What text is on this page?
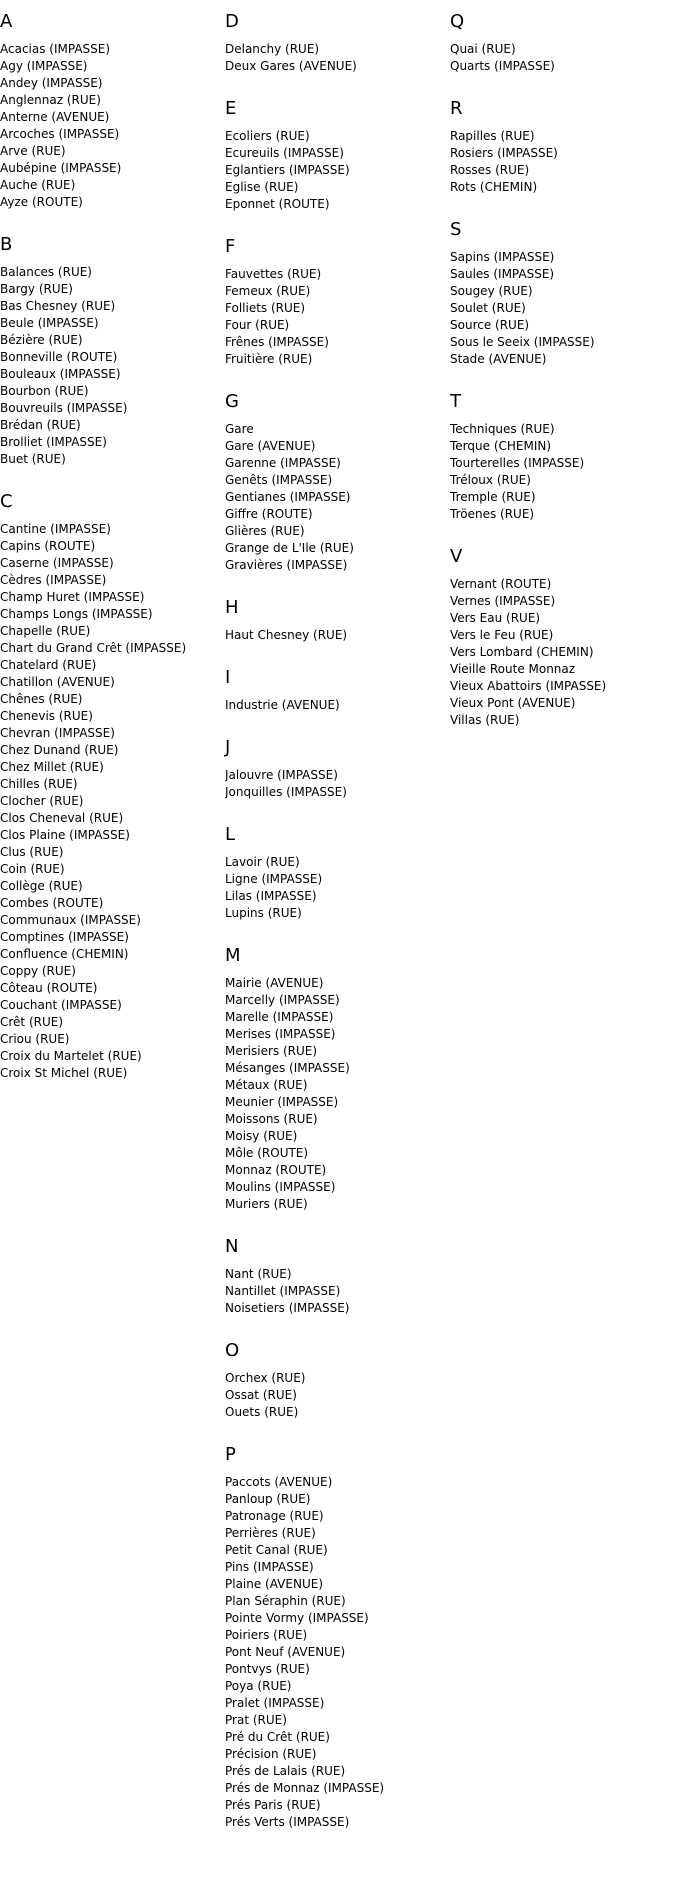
A
Acacias (IMPASSE)
Agy (IMPASSE)
Andey (IMPASSE)
Anglennaz (RUE)
Anterne (AVENUE)
Arcoches (IMPASSE)
Arve (RUE)
Aubépine (IMPASSE)
Auche (RUE)
Ayze (ROUTE)
B
Balances (RUE)
Bargy (RUE)
Bas Chesney (RUE)
Beule (IMPASSE)
Bézière (RUE)
Bonneville (ROUTE)
Bouleaux (IMPASSE)
Bourbon (RUE)
Bouvreuils (IMPASSE)
Brédan (RUE)
Brolliet (IMPASSE)
Buet (RUE)
C
Cantine (IMPASSE)
Capins (ROUTE)
Caserne (IMPASSE)
Cèdres (IMPASSE)
Champ Huret (IMPASSE)
Champs Longs (IMPASSE)
Chapelle (RUE)
Chart du Grand Crêt (IMPASSE)
Chatelard (RUE)
Chatillon (AVENUE)
Chênes (RUE)
Chenevis (RUE)
Chevran (IMPASSE)
Chez Dunand (RUE)
Chez Millet (RUE)
Chilles (RUE)
Clocher (RUE)
Clos Cheneval (RUE)
Clos Plaine (IMPASSE)
Clus (RUE)
Coin (RUE)
Collège (RUE)
Combes (ROUTE)
Communaux (IMPASSE)
Comptines (IMPASSE)
Confluence (CHEMIN)
Coppy (RUE)
Côteau (ROUTE)
Couchant (IMPASSE)
Crêt (RUE)
Criou (RUE)
Croix du Martelet (RUE)
Croix St Michel (RUE)
D
Delanchy (RUE)
Deux Gares (AVENUE)
E
Ecoliers (RUE)
Ecureuils (IMPASSE)
Eglantiers (IMPASSE)
Eglise (RUE)
Eponnet (ROUTE)
F
Fauvettes (RUE)
Femeux (RUE)
Folliets (RUE)
Four (RUE)
Frênes (IMPASSE)
Fruitière (RUE)
G
Gare
Gare (AVENUE)
Garenne (IMPASSE)
Genêts (IMPASSE)
Gentianes (IMPASSE)
Giffre (ROUTE)
Glières (RUE)
Grange de L'Ile (RUE)
Gravières (IMPASSE)
H
Haut Chesney (RUE)
I
Industrie (AVENUE)
J
Jalouvre (IMPASSE)
Jonquilles (IMPASSE)
L
Lavoir (RUE)
Ligne (IMPASSE)
Lilas (IMPASSE)
Lupins (RUE)
M
Mairie (AVENUE)
Marcelly (IMPASSE)
Marelle (IMPASSE)
Merises (IMPASSE)
Merisiers (RUE)
Mésanges (IMPASSE)
Métaux (RUE)
Meunier (IMPASSE)
Moissons (RUE)
Moisy (RUE)
Môle (ROUTE)
Monnaz (ROUTE)
Moulins (IMPASSE)
Muriers (RUE)
N
Nant (RUE)
Nantillet (IMPASSE)
Noisetiers (IMPASSE)
O
Orchex (RUE)
Ossat (RUE)
Ouets (RUE)
P
Paccots (AVENUE)
Panloup (RUE)
Patronage (RUE)
Perrières (RUE)
Petit Canal (RUE)
Pins (IMPASSE)
Plaine (AVENUE)
Plan Séraphin (RUE)
Pointe Vormy (IMPASSE)
Poiriers (RUE)
Pont Neuf (AVENUE)
Pontvys (RUE)
Poya (RUE)
Pralet (IMPASSE)
Prat (RUE)
Pré du Crêt (RUE)
Précision (RUE)
Prés de Lalais (RUE)
Prés de Monnaz (IMPASSE)
Prés Paris (RUE)
Prés Verts (IMPASSE)
Q
Quai (RUE)
Quarts (IMPASSE)
R
Rapilles (RUE)
Rosiers (IMPASSE)
Rosses (RUE)
Rots (CHEMIN)
S
Sapins (IMPASSE)
Saules (IMPASSE)
Sougey (RUE)
Soulet (RUE)
Source (RUE)
Sous le Seeix (IMPASSE)
Stade (AVENUE)
T
Techniques (RUE)
Terque (CHEMIN)
Tourterelles (IMPASSE)
Tréloux (RUE)
Tremple (RUE)
Tröenes (RUE)
V
Vernant (ROUTE)
Vernes (IMPASSE)
Vers Eau (RUE)
Vers le Feu (RUE)
Vers Lombard (CHEMIN)
Vieille Route Monnaz
Vieux Abattoirs (IMPASSE)
Vieux Pont (AVENUE)
Villas (RUE)
